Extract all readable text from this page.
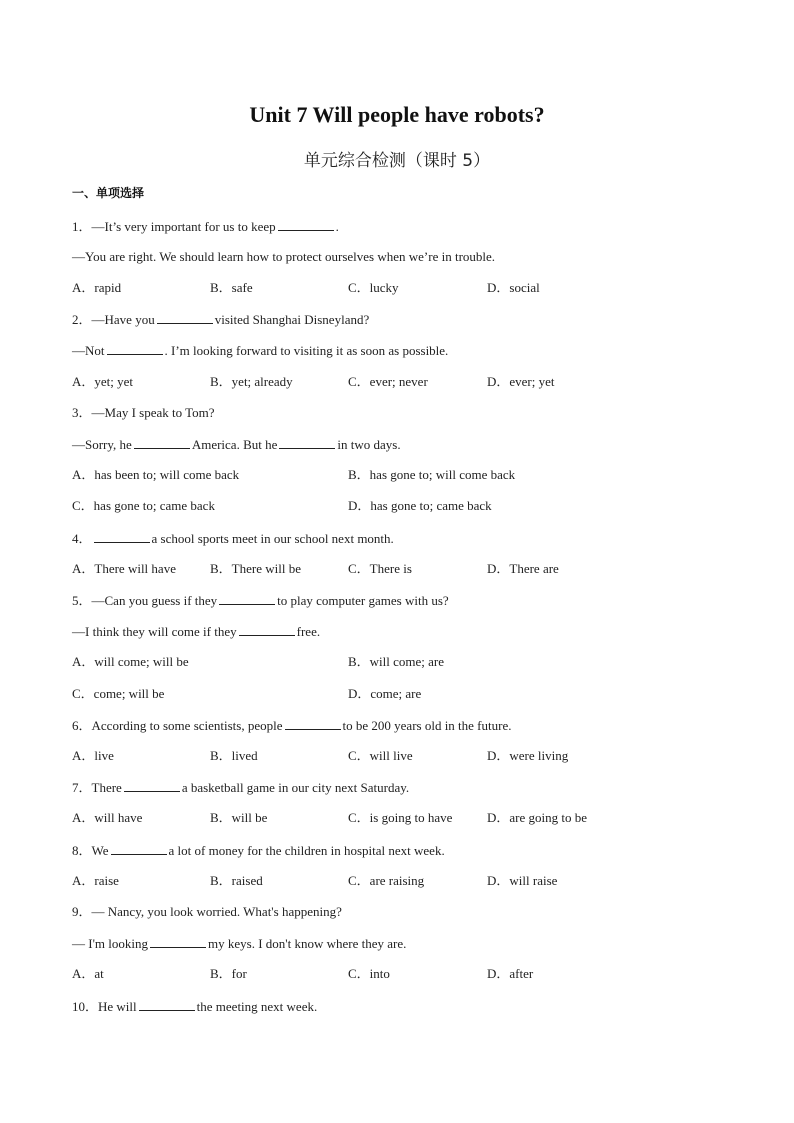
Unit 7 Will people have robots?
单元综合检测（课时 5）
一、单项选择
1．—It’s very important for us to keep	.
—You are right. We should learn how to protect ourselves when we’re in trouble.
A．rapid	B．safe	C．lucky	D．social
2．—Have you	visited Shanghai Disneyland?
—Not	. I’m looking forward to visiting it as soon as possible.
A．yet; yet	B．yet; already	C．ever; never	D．ever; yet
3．—May I speak to Tom?
—Sorry, he	America. But he	in two days.
A．has been to; will come back	B．has gone to; will come back
C．has gone to; came back	D．has gone to; came back
4．	a school sports meet in our school next month.
A．There will have	B．There will be	C．There is	D．There are
5．—Can you guess if they	to play computer games with us?
—I think they will come if they	free.
A．will come; will be	B．will come; are
C．come; will be	D．come; are
6．According to some scientists, people	to be 200 years old in the future.
A．live	B．lived	C．will live	D．were living
7．There	a basketball game in our city next Saturday.
A．will have	B．will be	C．is going to have	D．are going to be
8．We	a lot of money for the children in hospital next week.
A．raise	B．raised	C．are raising	D．will raise
9．— Nancy, you look worried. What's happening?
— I'm looking	my keys. I don't know where they are.
A．at	B．for	C．into	D．after
10．He will	the meeting next week.
